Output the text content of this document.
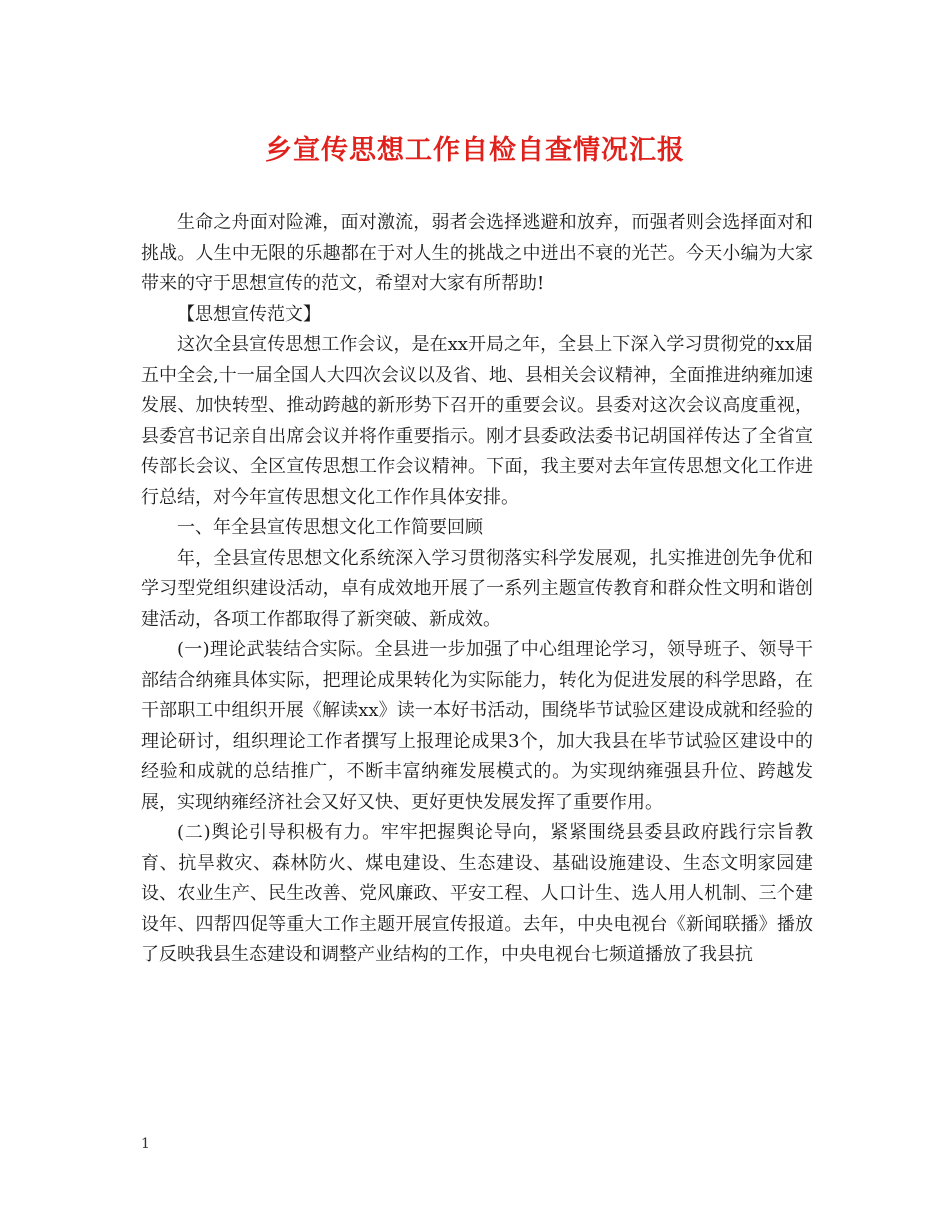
乡宣传思想工作自检自查情况汇报

生命之舟面对险滩，面对激流，弱者会选择逃避和放弃，而强者则会选择面对和挑战。人生中无限的乐趣都在于对人生的挑战之中迸出不衰的光芒。今天小编为大家带来的守于思想宣传的范文，希望对大家有所帮助!

【思想宣传范文】

这次全县宣传思想工作会议，是在xx开局之年，全县上下深入学习贯彻党的xx届五中全会,十一届全国人大四次会议以及省、地、县相关会议精神，全面推进纳雍加速发展、加快转型、推动跨越的新形势下召开的重要会议。县委对这次会议高度重视，县委宫书记亲自出席会议并将作重要指示。刚才县委政法委书记胡国祥传达了全省宣传部长会议、全区宣传思想工作会议精神。下面，我主要对去年宣传思想文化工作进行总结，对今年宣传思想文化工作作具体安排。

一、年全县宣传思想文化工作简要回顾

年，全县宣传思想文化系统深入学习贯彻落实科学发展观，扎实推进创先争优和学习型党组织建设活动，卓有成效地开展了一系列主题宣传教育和群众性文明和谐创建活动，各项工作都取得了新突破、新成效。

(一)理论武装结合实际。全县进一步加强了中心组理论学习，领导班子、领导干部结合纳雍具体实际，把理论成果转化为实际能力，转化为促进发展的科学思路，在干部职工中组织开展《解读xx》读一本好书活动，围绕毕节试验区建设成就和经验的理论研讨，组织理论工作者撰写上报理论成果3个，加大我县在毕节试验区建设中的经验和成就的总结推广，不断丰富纳雍发展模式的。为实现纳雍强县升位、跨越发展，实现纳雍经济社会又好又快、更好更快发展发挥了重要作用。

(二)舆论引导积极有力。牢牢把握舆论导向，紧紧围绕县委县政府践行宗旨教育、抗旱救灾、森林防火、煤电建设、生态建设、基础设施建设、生态文明家园建设、农业生产、民生改善、党风廉政、平安工程、人口计生、选人用人机制、三个建设年、四帮四促等重大工作主题开展宣传报道。去年，中央电视台《新闻联播》播放了反映我县生态建设和调整产业结构的工作，中央电视台七频道播放了我县抗

1
